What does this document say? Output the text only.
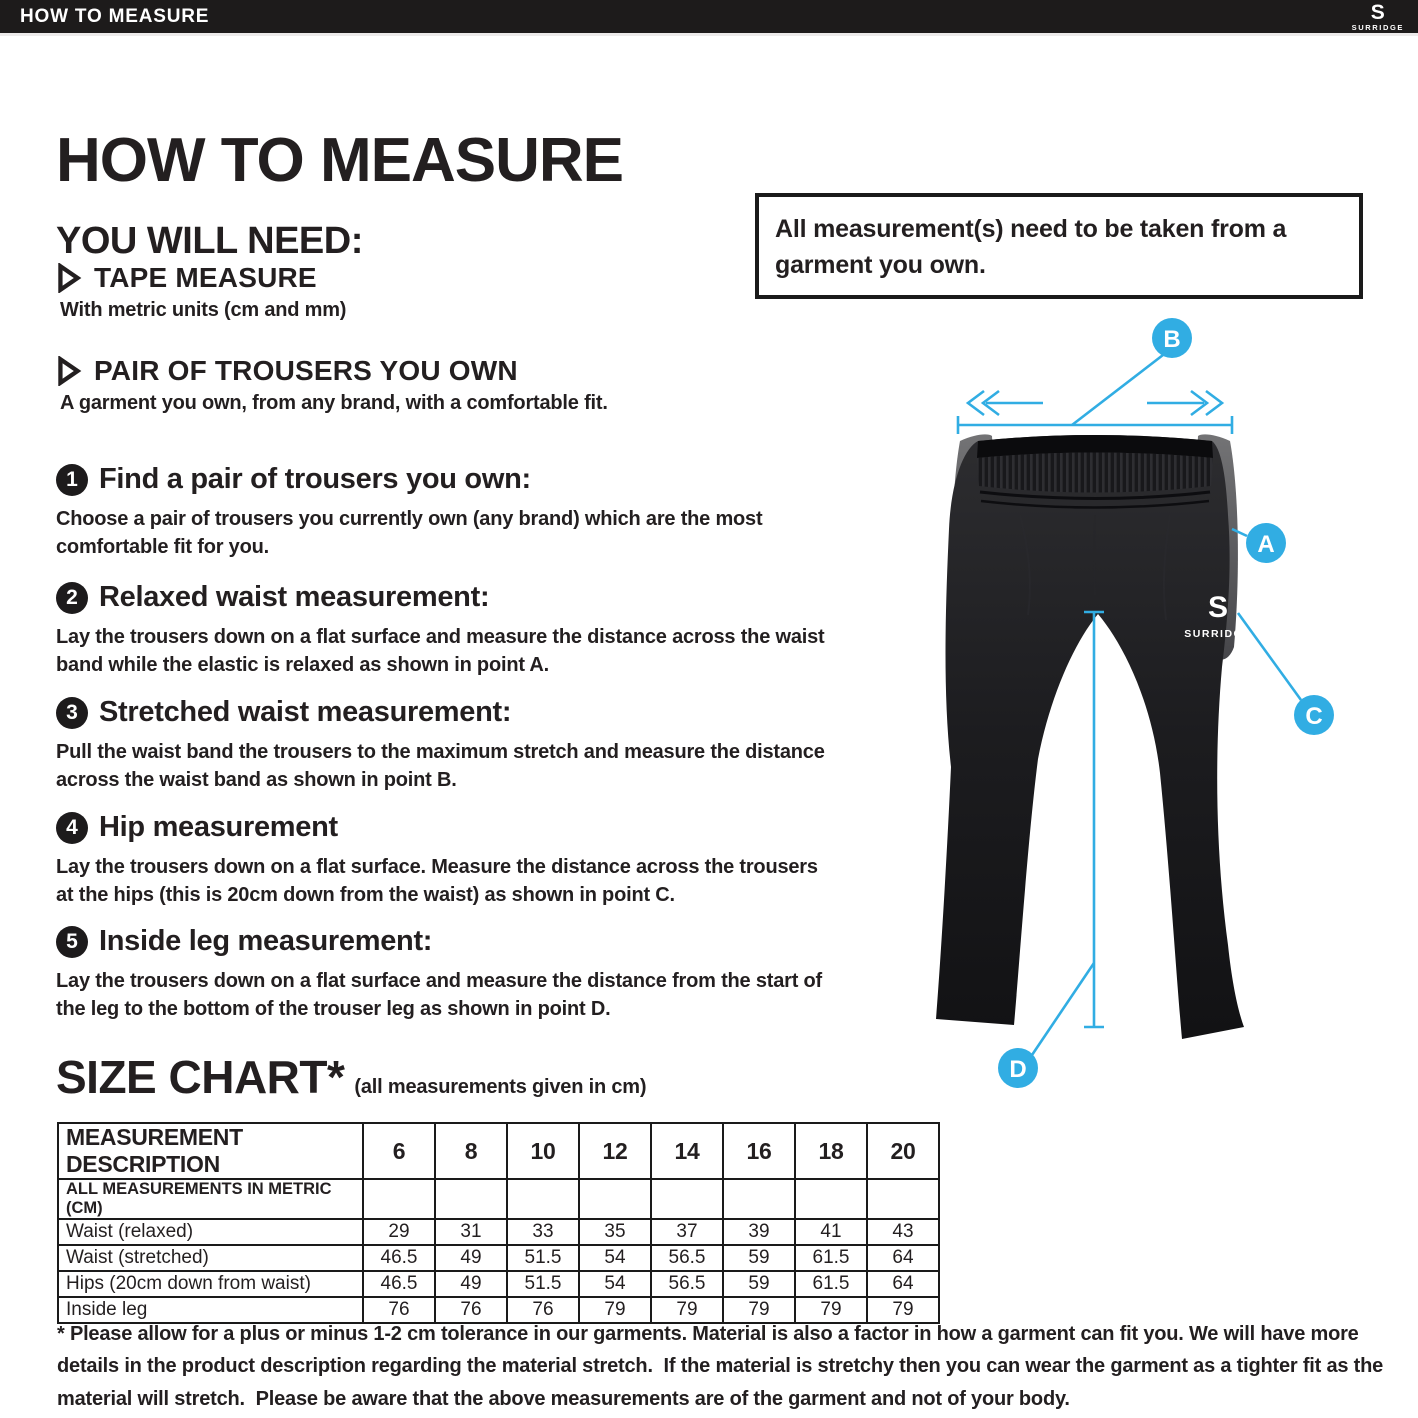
HOW TO MEASURE	S
SURRIDGE
HOW TO MEASURE
YOU WILL NEED:
TAPE MEASURE
With metric units (cm and mm)
PAIR OF TROUSERS YOU OWN
A garment you own, from any brand, with a comfortable fit.
1 Find a pair of trousers you own:
Choose a pair of trousers you currently own (any brand) which are the most comfortable fit for you.
2 Relaxed waist measurement:
Lay the trousers down on a flat surface and measure the distance across the waist band while the elastic is relaxed as shown in point A.
3 Stretched waist measurement:
Pull the waist band the trousers to the maximum stretch and measure the distance across the waist band as shown in point B.
4 Hip measurement
Lay the trousers down on a flat surface. Measure the distance across the trousers at the hips (this is 20cm down from the waist) as shown in point C.
5 Inside leg measurement:
Lay the trousers down on a flat surface and measure the distance from the start of the leg to the bottom of the trouser leg as shown in point D.
All measurement(s) need to be taken from a garment you own.
S
SURRIDGE
B
A
C
D
SIZE CHART* (all measurements given in cm)
MEASUREMENT DESCRIPTION	6	8	10	12	14	16	18	20
ALL MEASUREMENTS IN METRIC (CM)								
Waist (relaxed)	29	31	33	35	37	39	41	43
Waist (stretched)	46.5	49	51.5	54	56.5	59	61.5	64
Hips (20cm down from waist)	46.5	49	51.5	54	56.5	59	61.5	64
Inside leg	76	76	76	79	79	79	79	79

* Please allow for a plus or minus 1-2 cm tolerance in our garments. Material is also a factor in how a garment can fit you. We will have more details in the product description regarding the material stretch.  If the material is stretchy then you can wear the garment as a tighter fit as the material will stretch.  Please be aware that the above measurements are of the garment and not of your body.
